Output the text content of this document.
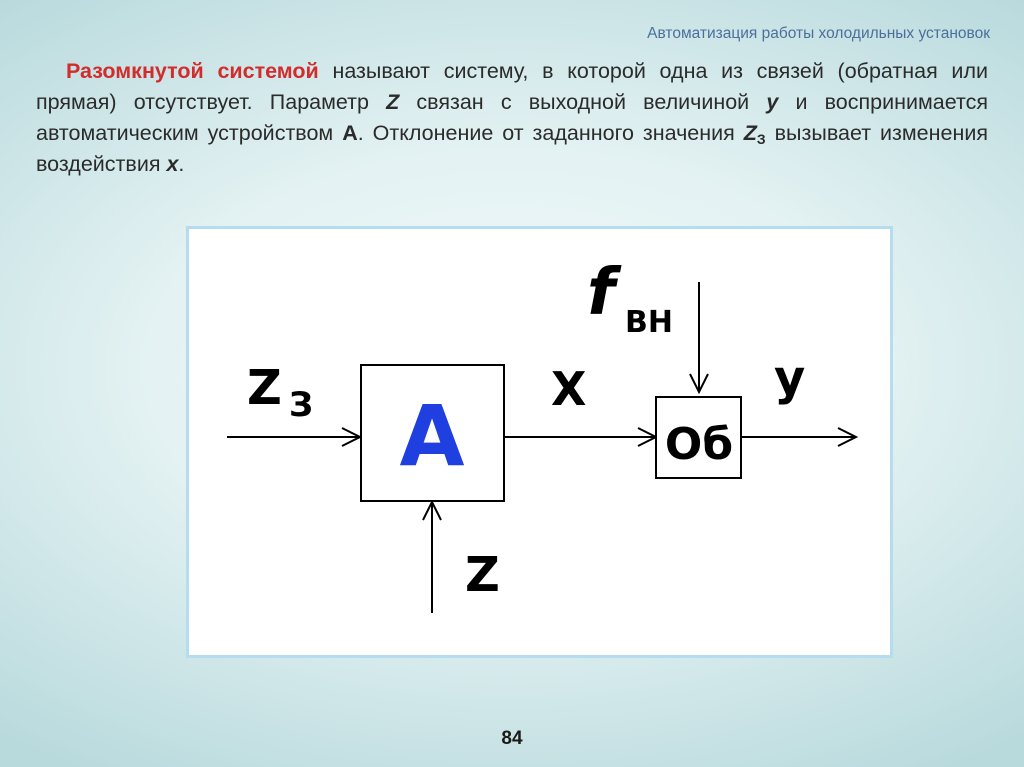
Автоматизация работы холодильных установок
Разомкнутой системой называют систему, в которой одна из связей (обратная или прямая) отсутствует. Параметр Z связан с выходной величиной y и воспринимается автоматическим устройством А. Отклонение от заданного значения $Z_З$ вызывает изменения воздействия x.
А	Об
Z З	X	y
f ВН
Z
84
